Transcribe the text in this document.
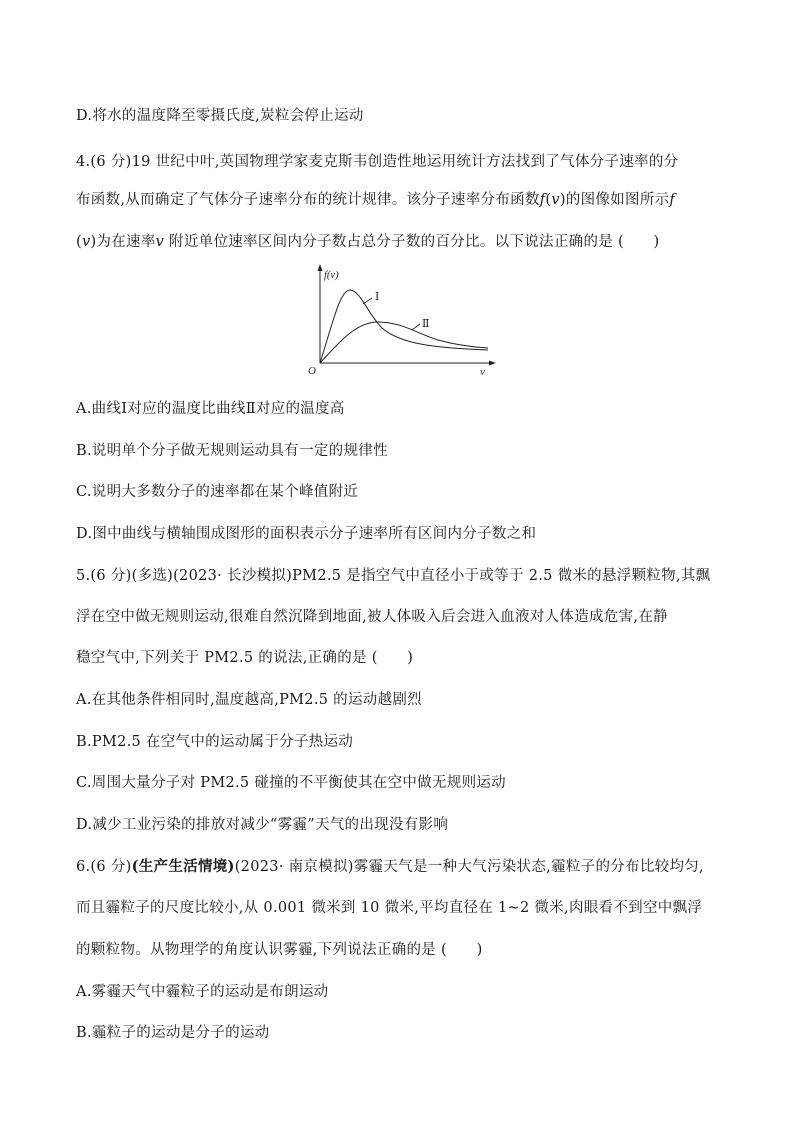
D.将水的温度降至零摄氏度,炭粒会停止运动
4.(6 分)19 世纪中叶,英国物理学家麦克斯韦创造性地运用统计方法找到了气体分子速率的分
布函数,从而确定了气体分子速率分布的统计规律。该分子速率分布函数f(v)的图像如图所示f
(v)为在速率v 附近单位速率区间内分子数占总分子数的百分比。以下说法正确的是 (　　)
f(v)
v
O
Ⅰ
Ⅱ
A.曲线Ⅰ对应的温度比曲线Ⅱ对应的温度高
B.说明单个分子做无规则运动具有一定的规律性
C.说明大多数分子的速率都在某个峰值附近
D.图中曲线与横轴围成图形的面积表示分子速率所有区间内分子数之和
5.(6 分)(多选)(2023· 长沙模拟)PM2.5 是指空气中直径小于或等于 2.5 微米的悬浮颗粒物,其飘
浮在空中做无规则运动,很难自然沉降到地面,被人体吸入后会进入血液对人体造成危害,在静
稳空气中,下列关于 PM2.5 的说法,正确的是 (　　)
A.在其他条件相同时,温度越高,PM2.5 的运动越剧烈
B.PM2.5 在空气中的运动属于分子热运动
C.周围大量分子对 PM2.5 碰撞的不平衡使其在空中做无规则运动
D.减少工业污染的排放对减少“雾霾”天气的出现没有影响
6.(6 分)(生产生活情境)(2023· 南京模拟)雾霾天气是一种大气污染状态,霾粒子的分布比较均匀,
而且霾粒子的尺度比较小,从 0.001 微米到 10 微米,平均直径在 1~2 微米,肉眼看不到空中飘浮
的颗粒物。从物理学的角度认识雾霾,下列说法正确的是 (　　)
A.雾霾天气中霾粒子的运动是布朗运动
B.霾粒子的运动是分子的运动
